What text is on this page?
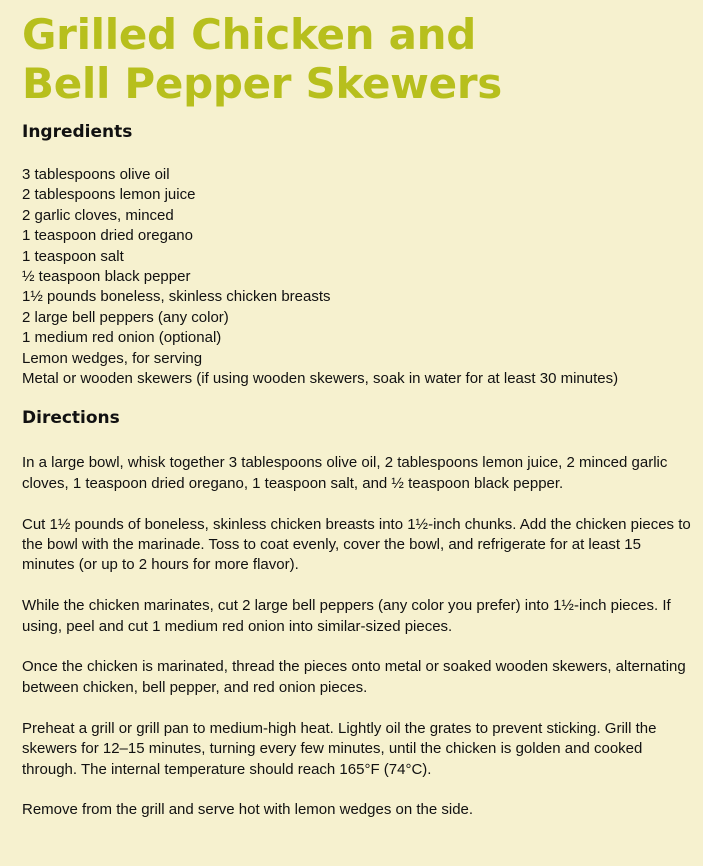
Grilled Chicken and
Bell Pepper Skewers
Ingredients
3 tablespoons olive oil
2 tablespoons lemon juice
2 garlic cloves, minced
1 teaspoon dried oregano
1 teaspoon salt
½ teaspoon black pepper
1½ pounds boneless, skinless chicken breasts
2 large bell peppers (any color)
1 medium red onion (optional)
Lemon wedges, for serving
Metal or wooden skewers (if using wooden skewers, soak in water for at least 30 minutes)
Directions
In a large bowl, whisk together 3 tablespoons olive oil, 2 tablespoons lemon juice, 2 minced garlic cloves, 1 teaspoon dried oregano, 1 teaspoon salt, and ½ teaspoon black pepper.
Cut 1½ pounds of boneless, skinless chicken breasts into 1½-inch chunks. Add the chicken pieces to the bowl with the marinade. Toss to coat evenly, cover the bowl, and refrigerate for at least 15 minutes (or up to 2 hours for more flavor).
While the chicken marinates, cut 2 large bell peppers (any color you prefer) into 1½-inch pieces. If using, peel and cut 1 medium red onion into similar-sized pieces.
Once the chicken is marinated, thread the pieces onto metal or soaked wooden skewers, alternating between chicken, bell pepper, and red onion pieces.
Preheat a grill or grill pan to medium-high heat. Lightly oil the grates to prevent sticking. Grill the skewers for 12–15 minutes, turning every few minutes, until the chicken is golden and cooked through. The internal temperature should reach 165°F (74°C).
Remove from the grill and serve hot with lemon wedges on the side.
